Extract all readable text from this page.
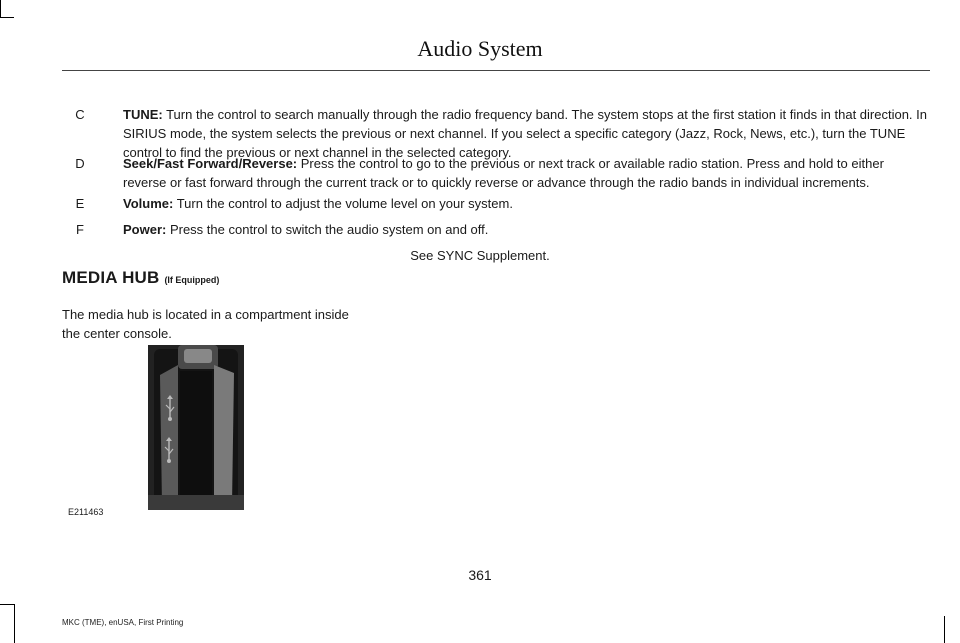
Audio System
C	TUNE: Turn the control to search manually through the radio frequency band. The system stops at the first station it finds in that direction. In SIRIUS mode, the system selects the previous or next channel. If you select a specific category (Jazz, Rock, News, etc.), turn the TUNE control to find the previous or next channel in the selected category.
D	Seek/Fast Forward/Reverse: Press the control to go to the previous or next track or available radio station. Press and hold to either reverse or fast forward through the current track or to quickly reverse or advance through the radio bands in individual increments.
E	Volume: Turn the control to adjust the volume level on your system.
F	Power: Press the control to switch the audio system on and off.
See SYNC Supplement.
MEDIA HUB (If Equipped)
The media hub is located in a compartment inside the center console.
E211463
361
MKC (TME), enUSA, First Printing
